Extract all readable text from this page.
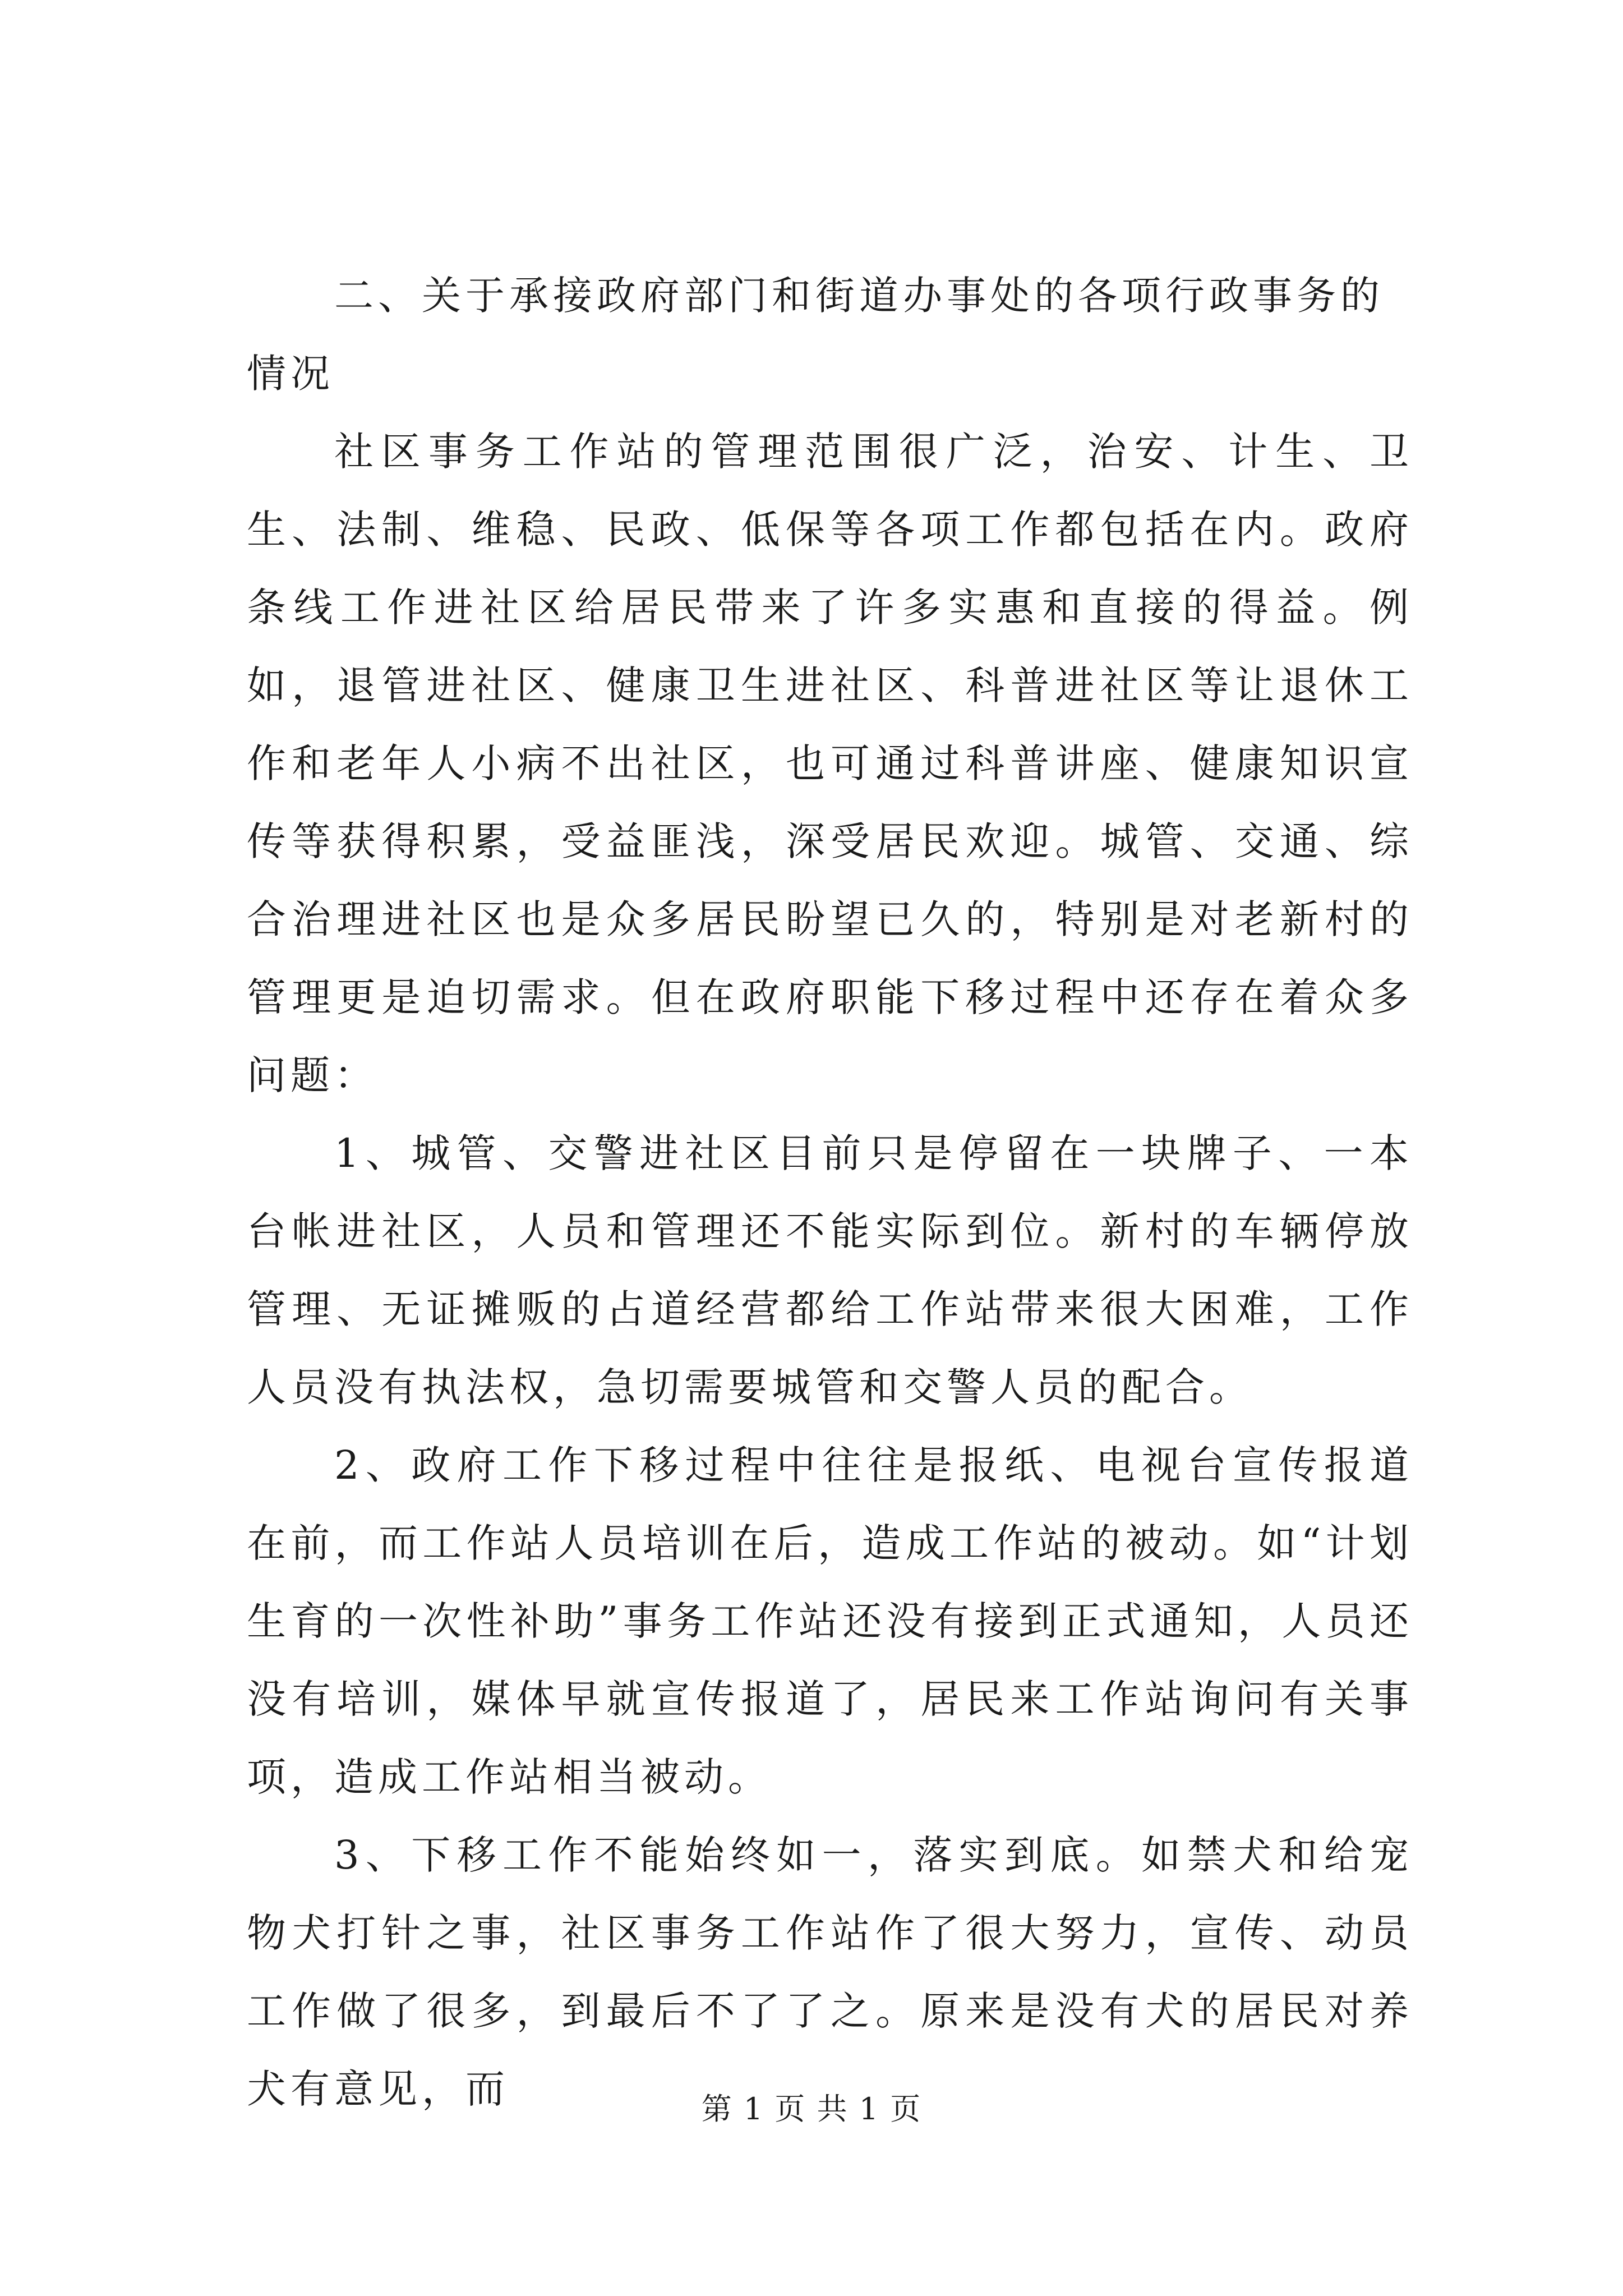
二、关于承接政府部门和街道办事处的各项行政事务的情况

社区事务工作站的管理范围很广泛，治安、计生、卫生、法制、维稳、民政、低保等各项工作都包括在内。政府条线工作进社区给居民带来了许多实惠和直接的得益。例如，退管进社区、健康卫生进社区、科普进社区等让退休工作和老年人小病不出社区，也可通过科普讲座、健康知识宣传等获得积累，受益匪浅，深受居民欢迎。城管、交通、综合治理进社区也是众多居民盼望已久的，特别是对老新村的管理更是迫切需求。但在政府职能下移过程中还存在着众多问题：

1、城管、交警进社区目前只是停留在一块牌子、一本台帐进社区，人员和管理还不能实际到位。新村的车辆停放管理、无证摊贩的占道经营都给工作站带来很大困难，工作人员没有执法权，急切需要城管和交警人员的配合。

2、政府工作下移过程中往往是报纸、电视台宣传报道在前，而工作站人员培训在后，造成工作站的被动。如“计划生育的一次性补助”事务工作站还没有接到正式通知，人员还没有培训，媒体早就宣传报道了，居民来工作站询问有关事项，造成工作站相当被动。

3、下移工作不能始终如一，落实到底。如禁犬和给宠物犬打针之事，社区事务工作站作了很大努力，宣传、动员工作做了很多，到最后不了了之。原来是没有犬的居民对养犬有意见，而	第 1 页 共 1 页
